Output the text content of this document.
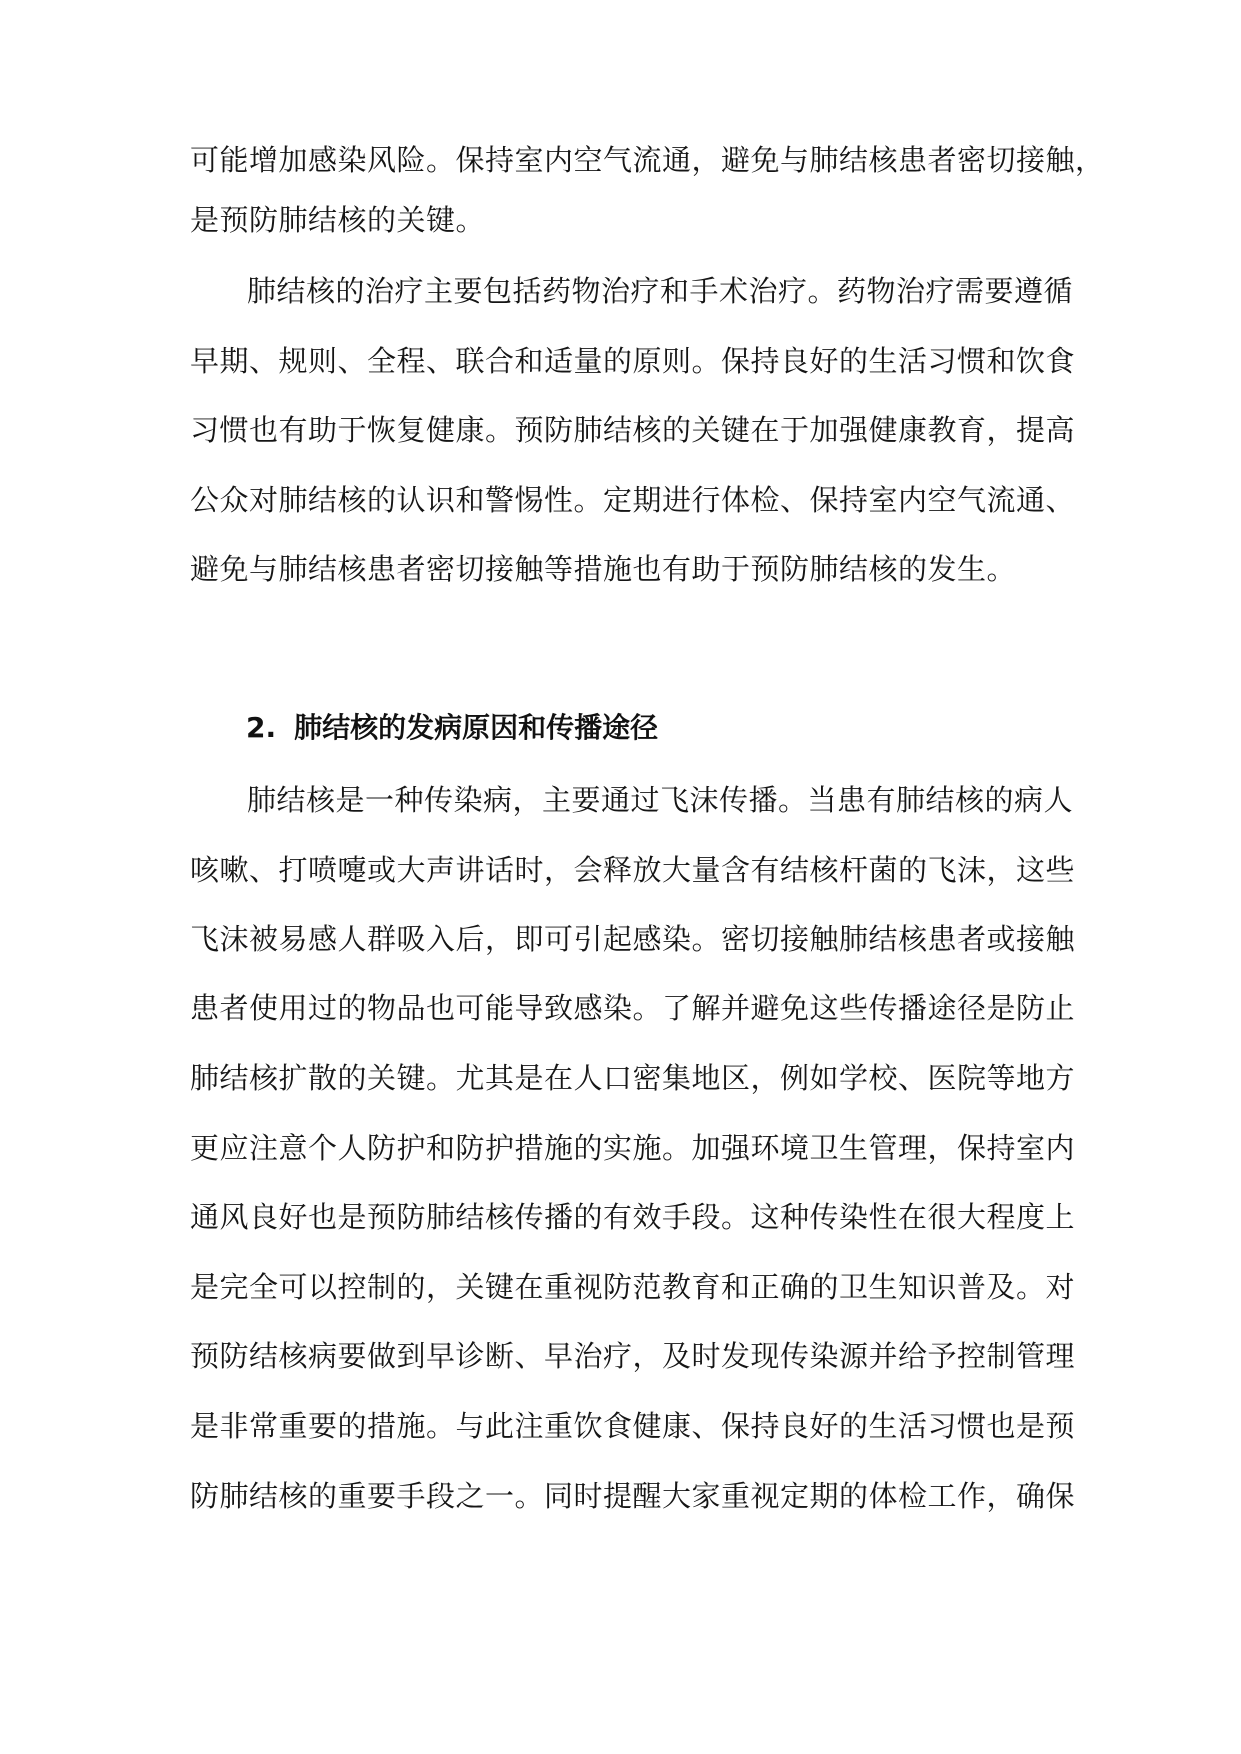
可能增加感染风险。保持室内空气流通，避免与肺结核患者密切接触，
是预防肺结核的关键。
肺结核的治疗主要包括药物治疗和手术治疗。药物治疗需要遵循
早期、规则、全程、联合和适量的原则。保持良好的生活习惯和饮食
习惯也有助于恢复健康。预防肺结核的关键在于加强健康教育，提高
公众对肺结核的认识和警惕性。定期进行体检、保持室内空气流通、
避免与肺结核患者密切接触等措施也有助于预防肺结核的发生。
2. 肺结核的发病原因和传播途径
肺结核是一种传染病，主要通过飞沫传播。当患有肺结核的病人
咳嗽、打喷嚏或大声讲话时，会释放大量含有结核杆菌的飞沫，这些
飞沫被易感人群吸入后，即可引起感染。密切接触肺结核患者或接触
患者使用过的物品也可能导致感染。了解并避免这些传播途径是防止
肺结核扩散的关键。尤其是在人口密集地区，例如学校、医院等地方
更应注意个人防护和防护措施的实施。加强环境卫生管理，保持室内
通风良好也是预防肺结核传播的有效手段。这种传染性在很大程度上
是完全可以控制的，关键在重视防范教育和正确的卫生知识普及。对
预防结核病要做到早诊断、早治疗，及时发现传染源并给予控制管理
是非常重要的措施。与此注重饮食健康、保持良好的生活习惯也是预
防肺结核的重要手段之一。同时提醒大家重视定期的体检工作，确保
